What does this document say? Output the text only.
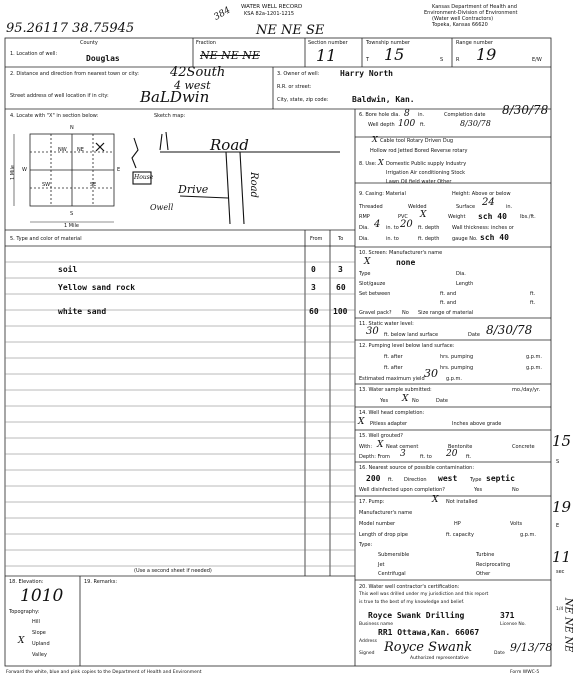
95.26117 38.75945
384
NE NE SE
WATER WELL RECORD
KSA 82a-1201-1215
Kansas Department of Health and
Environment-Division of Environment
(Water well Contractors)
Topeka, Kansas 66620
1. Location of well:
County
Douglas
Fraction
NE NE NE
Section number
11
Township number
T 15	S
Range number
R 19	E/W
2. Distance and direction from nearest town or city: 42South
4 west
Street address of well location if in city: BaLDwin
3. Owner of well:	Harry North
R.R. or street:
City, state, zip code:	Baldwin, Kan.
4. Locate with "X" in section below:	Sketch map:
N
S
W	E
NW NE
SW	SE
1 Mile
1 Mile
Road
Road
Drive
Owell
House
5. Type and color of material	From	To
soil	0	3
Yellow sand rock	3	60
white sand	60 100
(Use a second sheet if needed)
6. Bore hole dia. 8 in.	Completion date 8/30/78
Well depth 100 ft.	8/30/78
Cable tool Rotary Driven Dug
X
Hollow rod Jetted Bored Reverse rotary
8. Use: X Domestic Public supply Industry
Irrigation Air conditioning Stock
Lawn Oil field water Other
9. Casing: Material	Height: Above or below
Threaded	Welded	Surface 24 in.
RMP	PVC X	Weight sch 40	lbs./ft.
Dia. 4 in. to 20 ft. depth	Wall thickness: inches or
Dia.	in. to	ft. depth	gauge No. sch 40
10. Screen: Manufacturer's name
X	none
Type	Dia.
Slot/gauze	Length
Set between	ft. and	ft.
ft. and	ft.
Gravel pack? No Size range of material
11. Static water level:
30 ft. below land surface	Date 8/30/78
12. Pumping level below land surface:
ft. after	hrs. pumping	g.p.m.
ft. after	hrs. pumping	g.p.m.
Estimated maximum yield 30 g.p.m.
13. Water sample submitted:	mo./day/yr.
Yes X No	Date
14. Well head completion:
X Pitless adapter	Inches above grade
15. Well grouted?
With: X Neat cement	Bentonite	Concrete
Depth: From 3	ft. to 20 ft.
16. Nearest source of possible contamination:
200 ft. Direction west	Type septic
Well disinfected upon completion?	Yes	No
17. Pump:	X Not installed
Manufacturer's name
Model number	HP	Volts
Length of drop pipe	ft. capacity	g.p.m.
Type:
Submersible	Turbine
Jet	Reciprocating
Centrifugal	Other
18. Elevation:
1010
Topography:
Hill
Slope
X Upland
Valley
19. Remarks:
20. Water well contractor's certification:
This well was drilled under my jurisdiction and this report
is true to the best of my knowledge and belief.
Royce Swank Drilling	371
Business name	License No.
RR1 Ottawa,Kan. 66067
Address
Signed Royce Swank
Authorized representative
Date 9/13/78
15
S
19
E
11
sec
NE NE NE
1/4
Forward the white, blue and pink copies to the Department of Health and Environment	Form WWC-5
